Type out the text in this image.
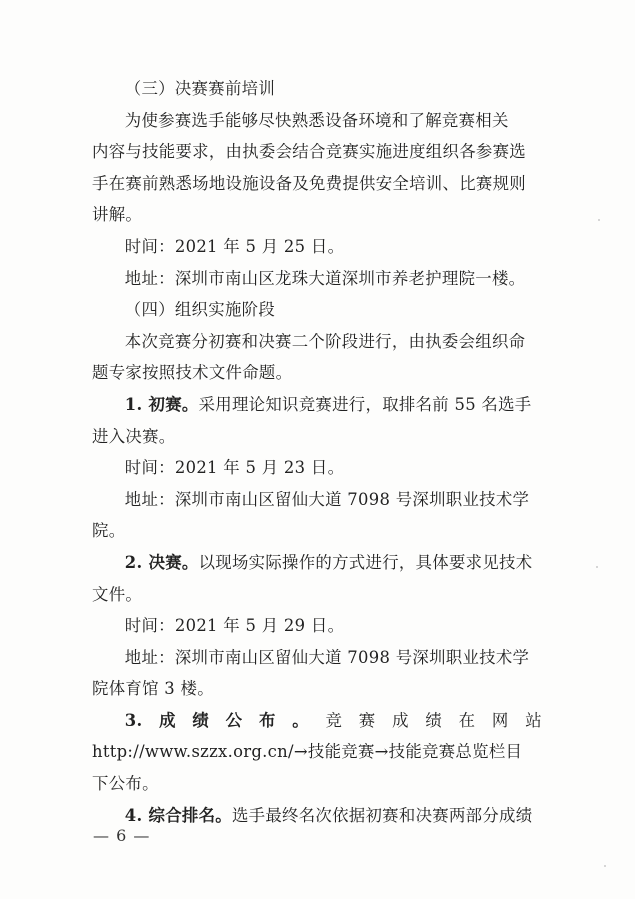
（三）决赛赛前培训
为使参赛选手能够尽快熟悉设备环境和了解竞赛相关
内容与技能要求，由执委会结合竞赛实施进度组织各参赛选
手在赛前熟悉场地设施设备及免费提供安全培训、比赛规则
讲解。
时间：2021 年 5 月 25 日。
地址：深圳市南山区龙珠大道深圳市养老护理院一楼。
（四）组织实施阶段
本次竞赛分初赛和决赛二个阶段进行，由执委会组织命
题专家按照技术文件命题。
1. 初赛。采用理论知识竞赛进行，取排名前 55 名选手
进入决赛。
时间：2021 年 5 月 23 日。
地址：深圳市南山区留仙大道 7098 号深圳职业技术学
院。
2. 决赛。以现场实际操作的方式进行，具体要求见技术
文件。
时间：2021 年 5 月 29 日。
地址：深圳市南山区留仙大道 7098 号深圳职业技术学
院体育馆 3 楼。
3. 成 绩 公 布 。 竞 赛 成 绩 在 网 站
http://www.szzx.org.cn/→技能竞赛→技能竞赛总览栏目
下公布。
4. 综合排名。选手最终名次依据初赛和决赛两部分成绩
— 6 —
